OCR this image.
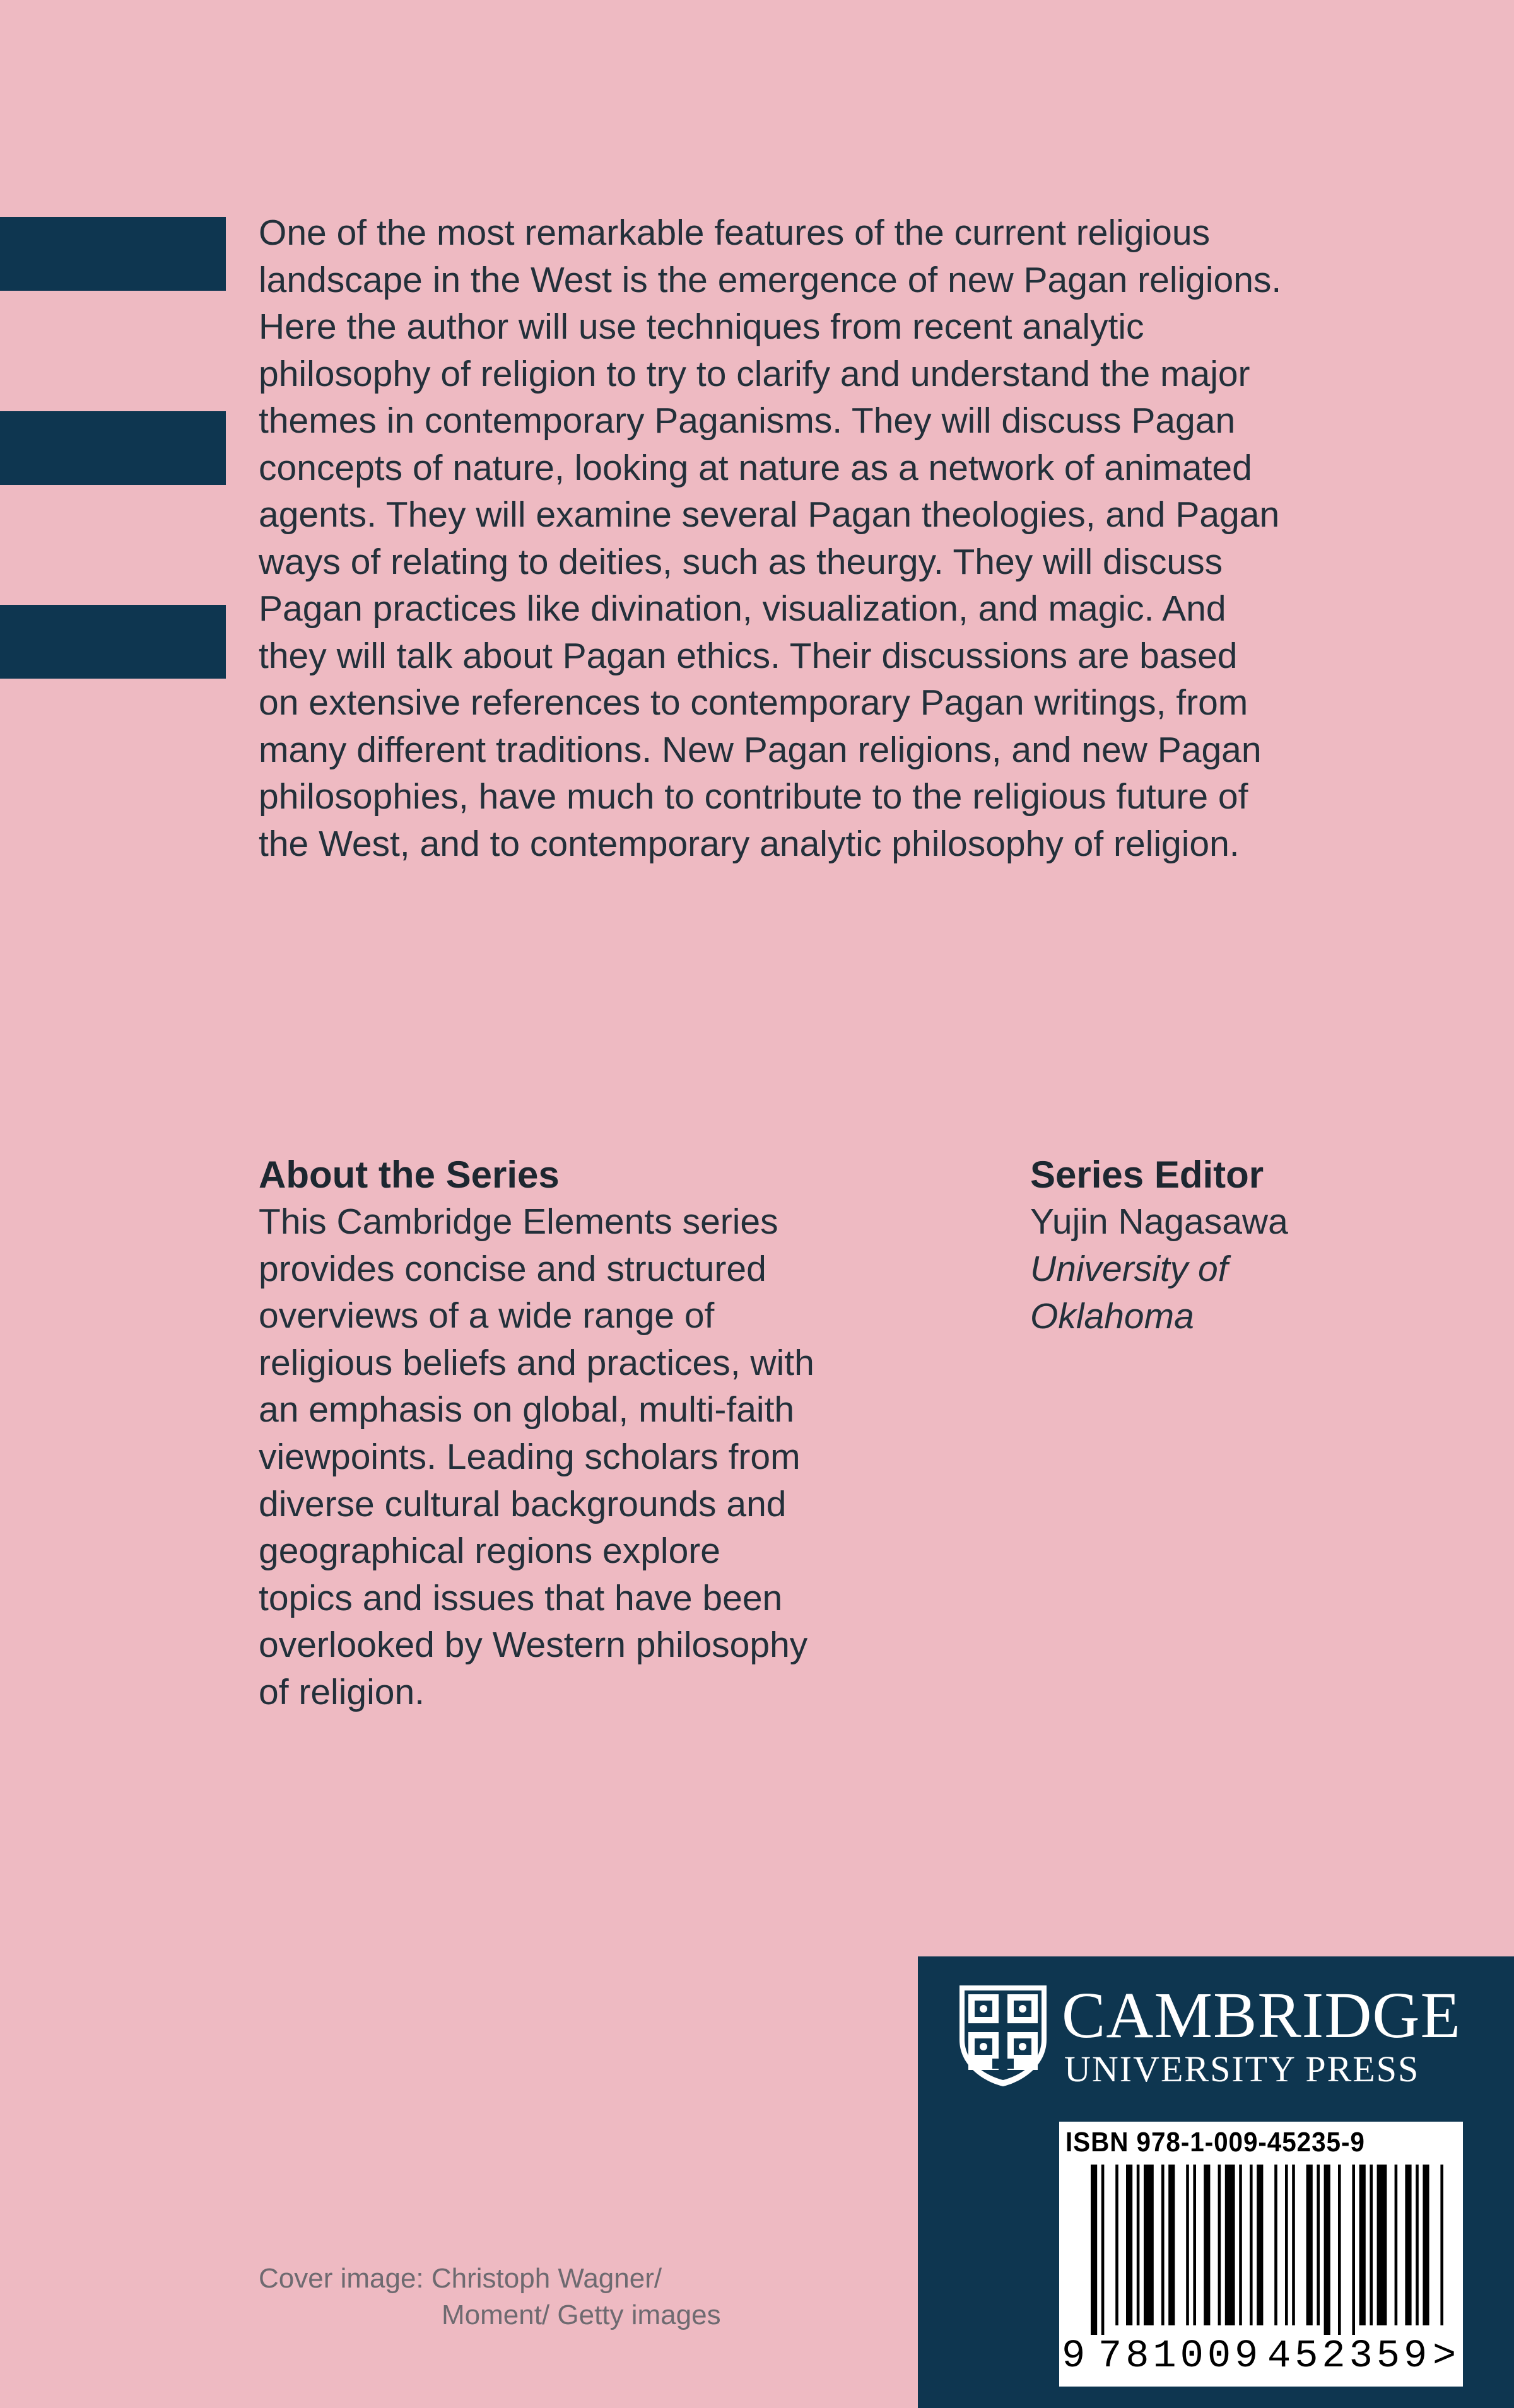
One of the most remarkable features of the current religious
landscape in the West is the emergence of new Pagan religions.
Here the author will use techniques from recent analytic
philosophy of religion to try to clarify and understand the major
themes in contemporary Paganisms. They will discuss Pagan
concepts of nature, looking at nature as a network of animated
agents. They will examine several Pagan theologies, and Pagan
ways of relating to deities, such as theurgy. They will discuss
Pagan practices like divination, visualization, and magic. And
they will talk about Pagan ethics. Their discussions are based
on extensive references to contemporary Pagan writings, from
many different traditions. New Pagan religions, and new Pagan
philosophies, have much to contribute to the religious future of
the West, and to contemporary analytic philosophy of religion.

About the Series

This Cambridge Elements series
provides concise and structured
overviews of a wide range of
religious beliefs and practices, with
an emphasis on global, multi-faith
viewpoints. Leading scholars from
diverse cultural backgrounds and
geographical regions explore
topics and issues that have been
overlooked by Western philosophy
of religion.

Series Editor

Yujin Nagasawa

University of Oklahoma

Cover image: Christoph Wagner/
Moment/ Getty images

CAMBRIDGE

UNIVERSITY PRESS

ISBN 978-1-009-45235-9
9 781009 452359 >
